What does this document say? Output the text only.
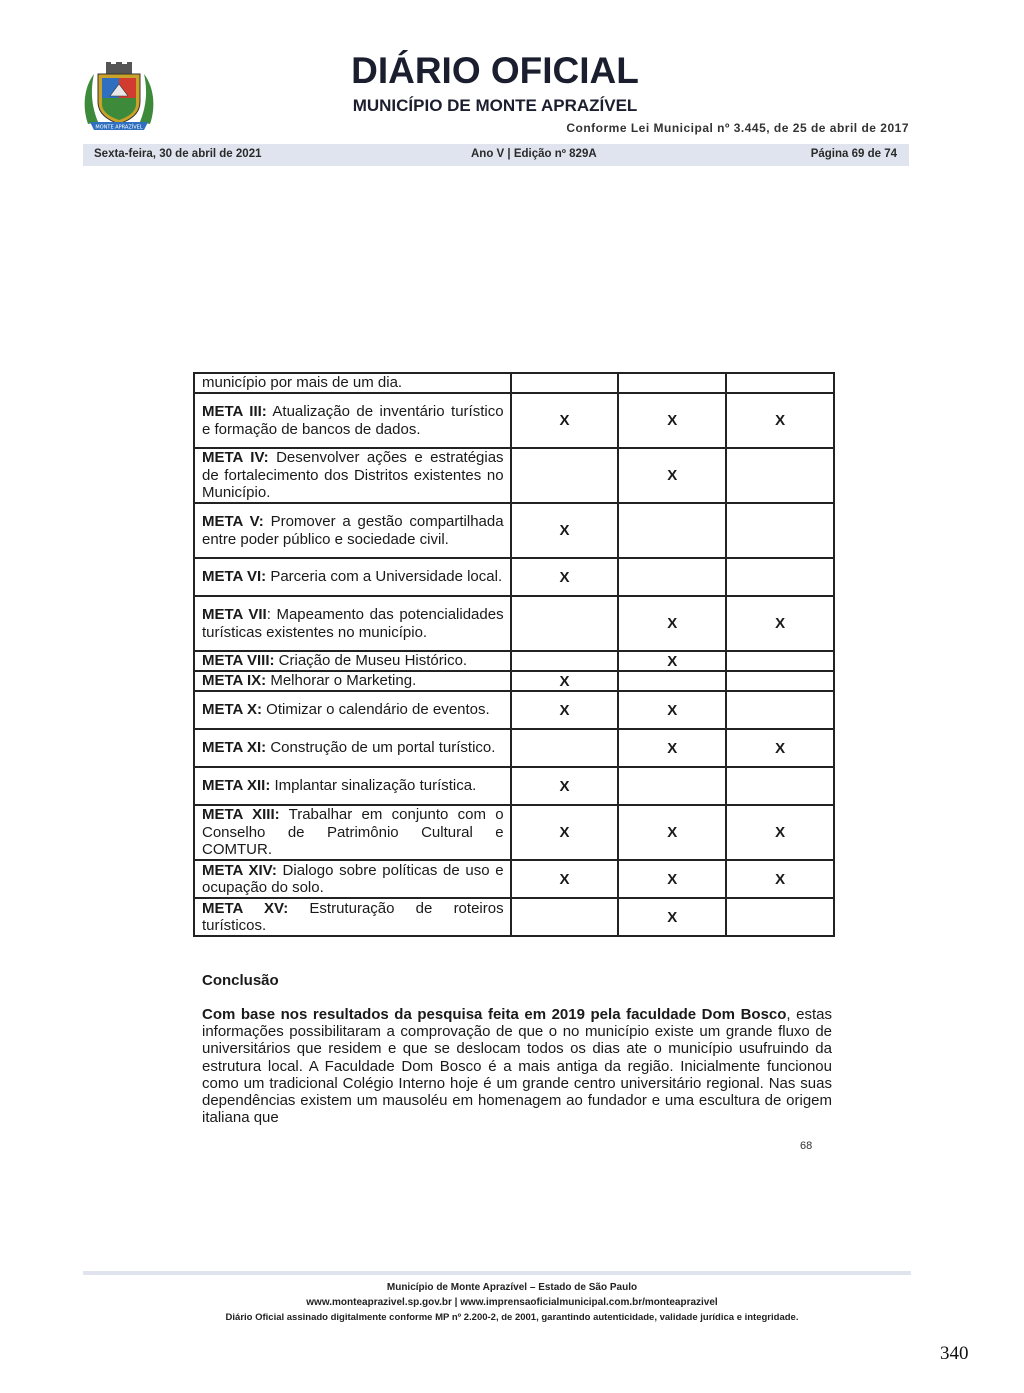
MONTE APRAZÍVEL
DIÁRIO OFICIAL
MUNICÍPIO DE MONTE APRAZÍVEL
Conforme Lei Municipal nº 3.445, de 25 de abril de 2017
Sexta-feira, 30 de abril de 2021	Ano V | Edição nº 829A	Página 69 de 74
município por mais de um dia.			
META III: Atualização de inventário turístico e formação de bancos de dados.	X	X	X
META IV: Desenvolver ações e estratégias de fortalecimento dos Distritos existentes no Município.		X	
META V: Promover a gestão compartilhada entre poder público e sociedade civil.	X		
META VI: Parceria com a Universidade local.	X		
META VII: Mapeamento das potencialidades turísticas existentes no município.		X	X
META VIII: Criação de Museu Histórico.		X	
META IX: Melhorar o Marketing.	X		
META X: Otimizar o calendário de eventos.	X	X	
META XI: Construção de um portal turístico.		X	X
META XII: Implantar sinalização turística.	X		
META XIII: Trabalhar em conjunto com o Conselho de Patrimônio Cultural e COMTUR.	X	X	X
META XIV: Dialogo sobre políticas de uso e ocupação do solo.	X	X	X
META XV: Estruturação de roteiros turísticos.		X	
Conclusão
Com base nos resultados da pesquisa feita em 2019 pela faculdade Dom Bosco, estas informações possibilitaram a comprovação de que o no município existe um grande fluxo de universitários que residem e que se deslocam todos os dias ate o município usufruindo da estrutura local. A Faculdade Dom Bosco é a mais antiga da região. Inicialmente funcionou como um tradicional Colégio Interno hoje é um grande centro universitário regional. Nas suas dependências existem um mausoléu em homenagem ao fundador e uma escultura de origem italiana que
68
Município de Monte Aprazível – Estado de São Paulo
www.monteaprazivel.sp.gov.br | www.imprensaoficialmunicipal.com.br/monteaprazivel
Diário Oficial assinado digitalmente conforme MP nº 2.200-2, de 2001, garantindo autenticidade, validade jurídica e integridade.
340
